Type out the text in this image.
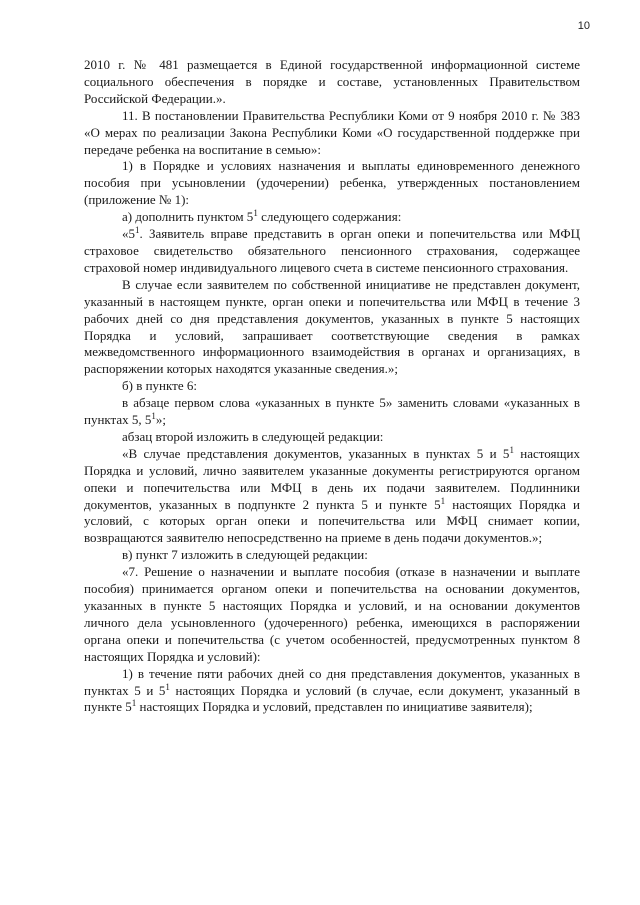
10

2010 г. № 481 размещается в Единой государственной информационной системе социального обеспечения в порядке и составе, установленных Правительством Российской Федерации.».

11. В постановлении Правительства Республики Коми от 9 ноября 2010 г. № 383 «О мерах по реализации Закона Республики Коми «О государственной поддержке при передаче ребенка на воспитание в семью»:

1) в Порядке и условиях назначения и выплаты единовременного денежного пособия при усыновлении (удочерении) ребенка, утвержденных постановлением (приложение № 1):

а) дополнить пунктом $5^1$ следующего содержания:

«$5^1$. Заявитель вправе представить в орган опеки и попечительства или МФЦ страховое свидетельство обязательного пенсионного страхования, содержащее страховой номер индивидуального лицевого счета в системе пенсионного страхования.

В случае если заявителем по собственной инициативе не представлен документ, указанный в настоящем пункте, орган опеки и попечительства или МФЦ в течение 3 рабочих дней со дня представления документов, указанных в пункте 5 настоящих Порядка и условий, запрашивает соответствующие сведения в рамках межведомственного информационного взаимодействия в органах и организациях, в распоряжении которых находятся указанные сведения.»;

б) в пункте 6:

в абзаце первом слова «указанных в пункте 5» заменить словами «указанных в пунктах 5, $5^1$»;

абзац второй изложить в следующей редакции:

«В случае представления документов, указанных в пунктах 5 и $5^1$ настоящих Порядка и условий, лично заявителем указанные документы регистрируются органом опеки и попечительства или МФЦ в день их подачи заявителем. Подлинники документов, указанных в подпункте 2 пункта 5 и пункте $5^1$ настоящих Порядка и условий, с которых орган опеки и попечительства или МФЦ снимает копии, возвращаются заявителю непосредственно на приеме в день подачи документов.»;

в) пункт 7 изложить в следующей редакции:

«7. Решение о назначении и выплате пособия (отказе в назначении и выплате пособия) принимается органом опеки и попечительства на основании документов, указанных в пункте 5 настоящих Порядка и условий, и на основании документов личного дела усыновленного (удочеренного) ребенка, имеющихся в распоряжении органа опеки и попечительства (с учетом особенностей, предусмотренных пунктом 8 настоящих Порядка и условий):

1) в течение пяти рабочих дней со дня представления документов, указанных в пунктах 5 и $5^1$ настоящих Порядка и условий (в случае, если документ, указанный в пункте $5^1$ настоящих Порядка и условий, представлен по инициативе заявителя);
